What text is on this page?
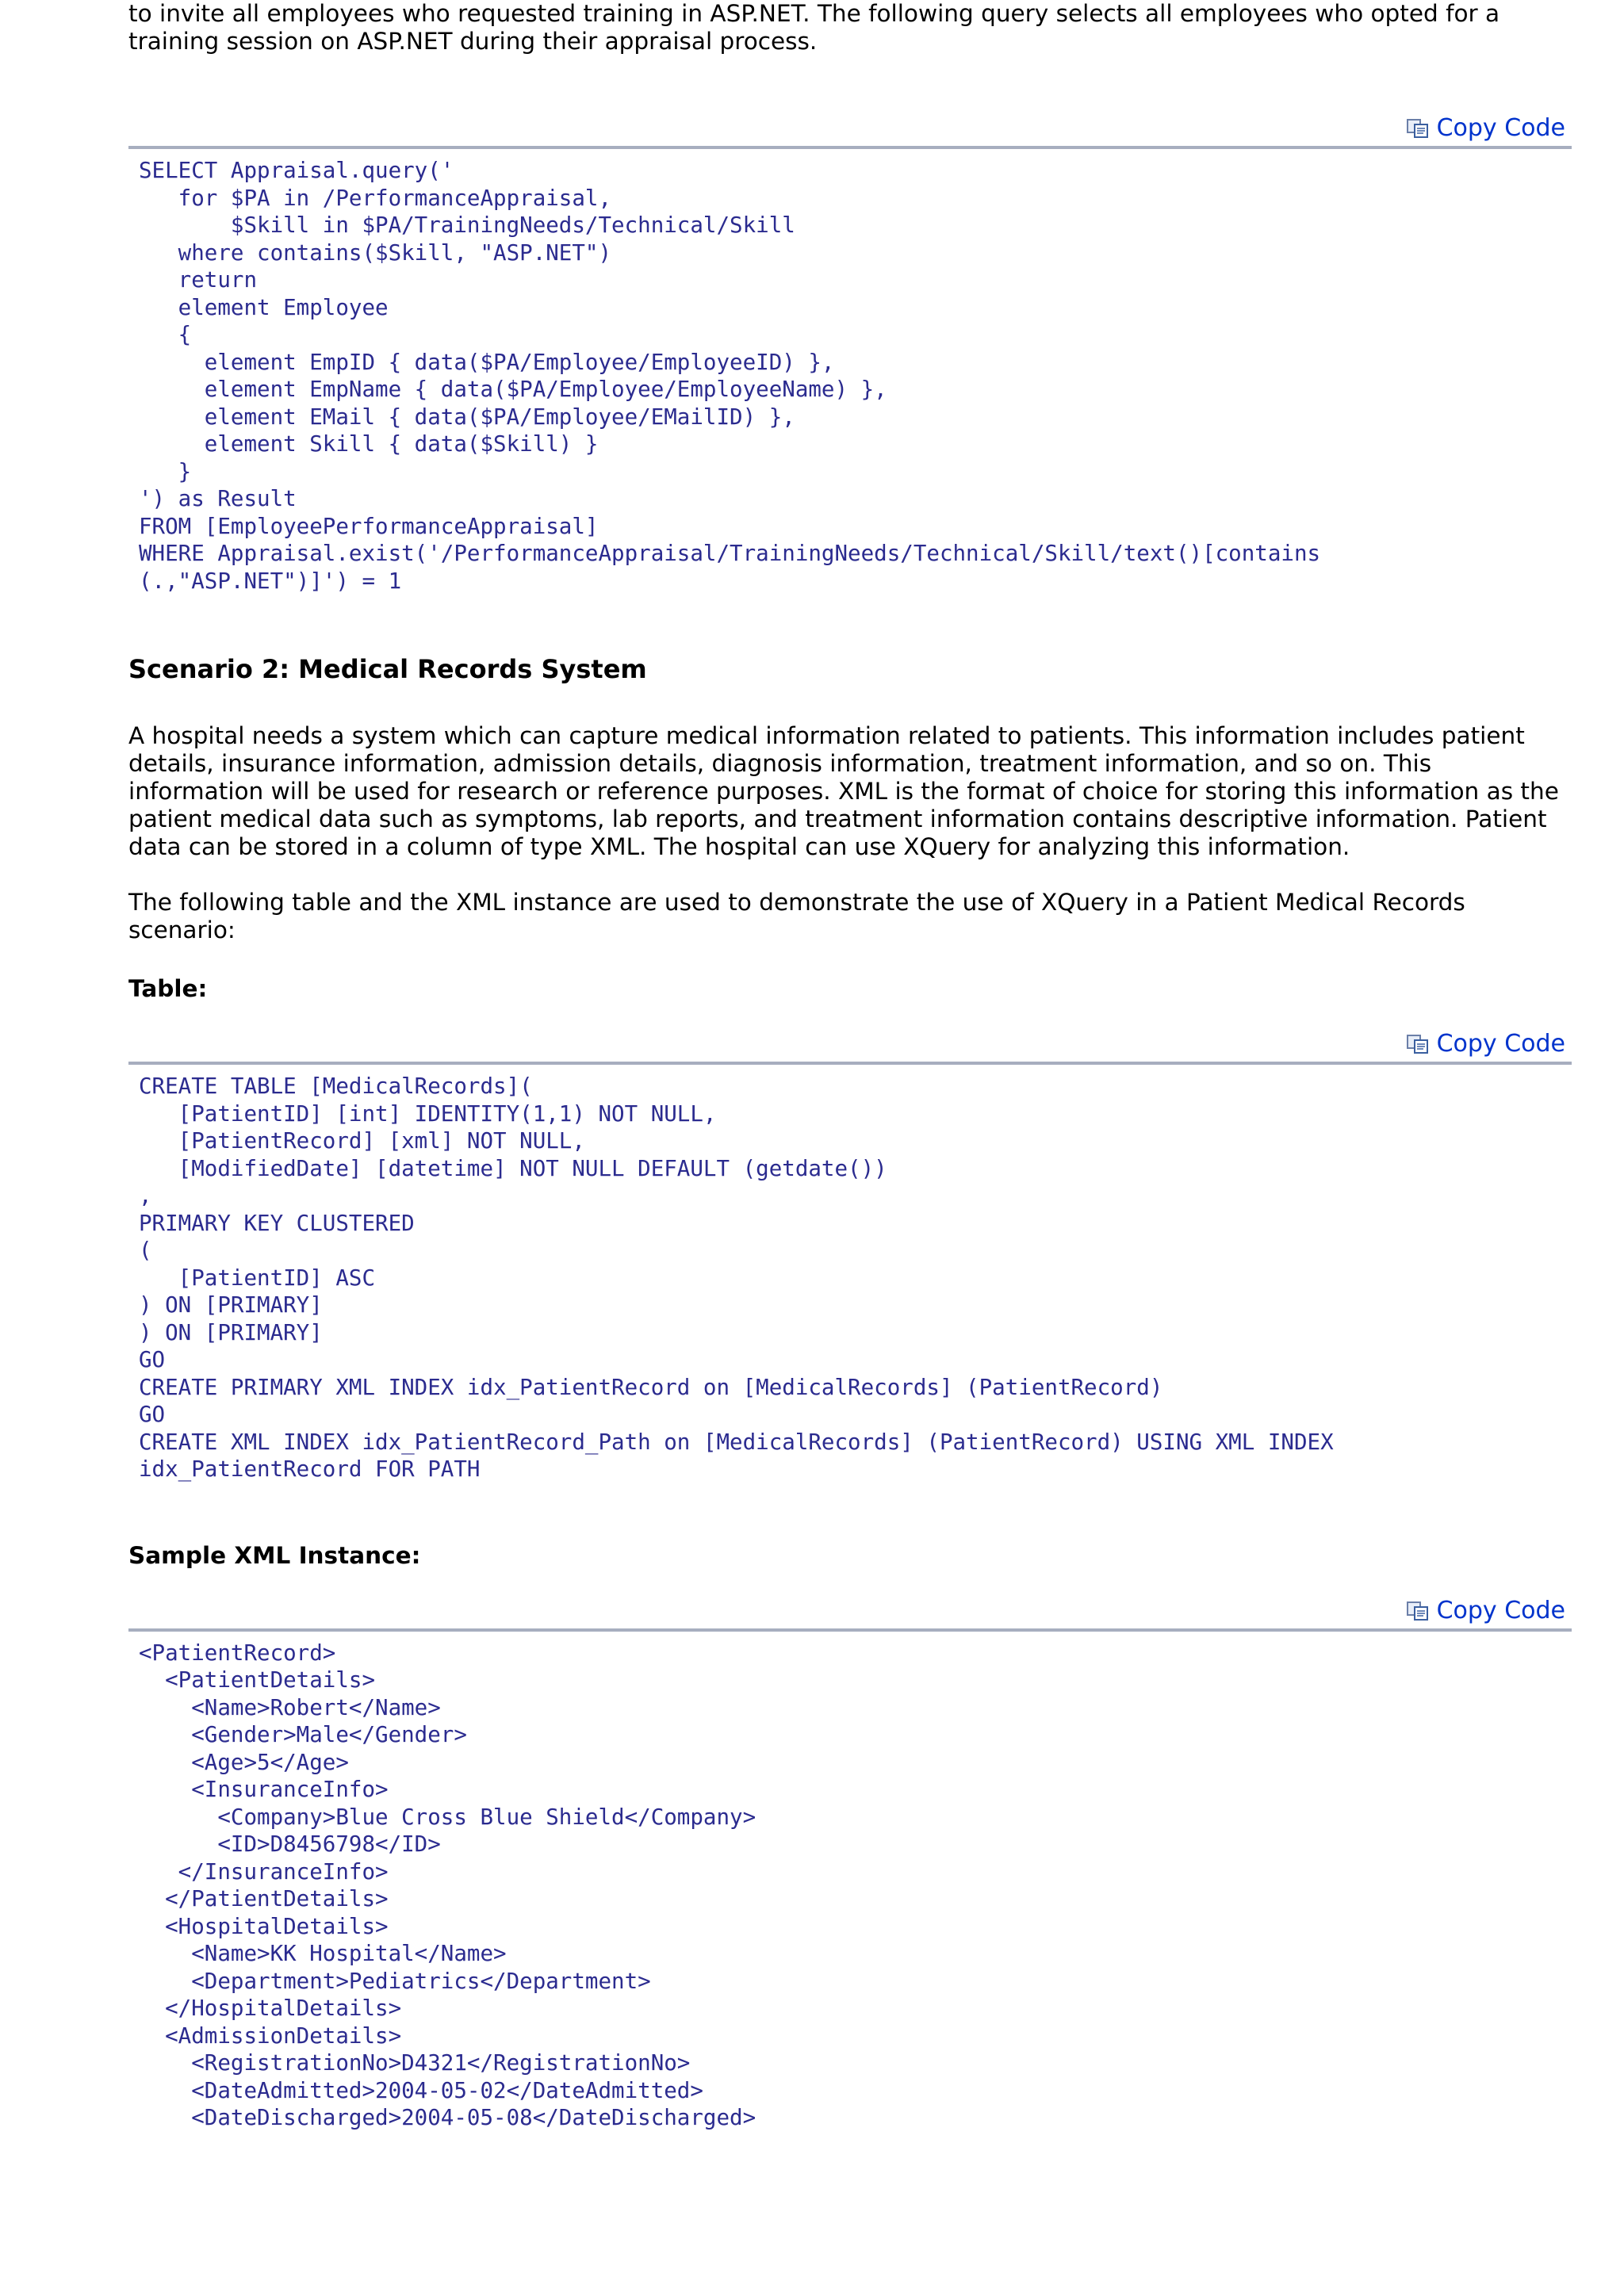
to invite all employees who requested training in ASP.NET. The following query selects all employees who opted for a training session on ASP.NET during their appraisal process.

Copy Code
SELECT Appraisal.query('
for $PA in /PerformanceAppraisal,
$Skill in $PA/TrainingNeeds/Technical/Skill
where contains($Skill, "ASP.NET")
return
element Employee
{
element EmpID { data($PA/Employee/EmployeeID) },
element EmpName { data($PA/Employee/EmployeeName) },
element EMail { data($PA/Employee/EMailID) },
element Skill { data($Skill) }
}
') as Result
FROM [EmployeePerformanceAppraisal]
WHERE Appraisal.exist('/PerformanceAppraisal/TrainingNeeds/Technical/Skill/text()[contains
(.,"ASP.NET")]') = 1
Scenario 2: Medical Records System

A hospital needs a system which can capture medical information related to patients. This information includes patient details, insurance information, admission details, diagnosis information, treatment information, and so on. This information will be used for research or reference purposes. XML is the format of choice for storing this information as the patient medical data such as symptoms, lab reports, and treatment information contains descriptive information. Patient data can be stored in a column of type XML. The hospital can use XQuery for analyzing this information.

The following table and the XML instance are used to demonstrate the use of XQuery in a Patient Medical Records scenario:

Table:
Copy Code
CREATE TABLE [MedicalRecords](
[PatientID] [int] IDENTITY(1,1) NOT NULL,
[PatientRecord] [xml] NOT NULL,
[ModifiedDate] [datetime] NOT NULL DEFAULT (getdate())
,
PRIMARY KEY CLUSTERED
(
[PatientID] ASC
) ON [PRIMARY]
) ON [PRIMARY]
GO
CREATE PRIMARY XML INDEX idx_PatientRecord on [MedicalRecords] (PatientRecord)
GO
CREATE XML INDEX idx_PatientRecord_Path on [MedicalRecords] (PatientRecord) USING XML INDEX
idx_PatientRecord FOR PATH
Sample XML Instance:
Copy Code
<PatientRecord>
<PatientDetails>
<Name>Robert</Name>
<Gender>Male</Gender>
<Age>5</Age>
<InsuranceInfo>
<Company>Blue Cross Blue Shield</Company>
<ID>D8456798</ID>
</InsuranceInfo>
</PatientDetails>
<HospitalDetails>
<Name>KK Hospital</Name>
<Department>Pediatrics</Department>
</HospitalDetails>
<AdmissionDetails>
<RegistrationNo>D4321</RegistrationNo>
<DateAdmitted>2004-05-02</DateAdmitted>
<DateDischarged>2004-05-08</DateDischarged>
